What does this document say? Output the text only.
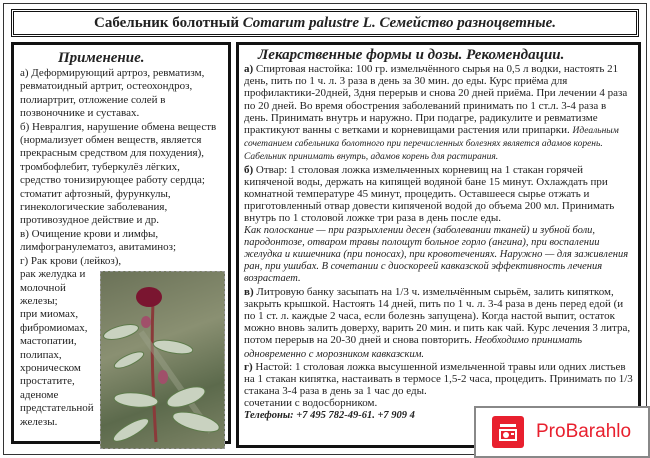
Сабельник болотный Comarum palustre L. Семейство разноцветные.
Применение.

а) Деформирующий артроз, ревматизм, ревматоидный артрит, остеохондроз, полиартрит, отложение солей в позвоночнике и суставах.

б) Невралгия, нарушение обмена веществ (нормализует обмен веществ, является прекрасным средством для похудения), тромбофлебит, туберкулёз лёгких, средство тонизирующее работу сердца; стоматит афтозный, фурункулы, гинекологические заболевания, противозудное действие и др.

в) Очищение крови и лимфы, лимфогранулематоз, авитаминоз;

г) Рак крови (лейкоз),

рак желудка и
молочной
железы;
при миомах,
фибромиомах,
мастопатии,
полипах,
хроническом
простатите,
аденоме
предстательной
железы.
Лекарственные формы и дозы. Рекомендации.

а) Спиртовая настойка: 100 гр. измельчённого сырья на 0,5 л водки, настоять 21 день, пить по 1 ч. л. 3 раза в день за 30 мин. до еды. Курс приёма для профилактики-20дней, 3дня перерыв и снова 20 дней приёма. При лечении 4 раза по 20 дней. Во время обострения заболеваний принимать по 1 ст.л. 3-4 раза в день. Принимать внутрь и наружно. При подагре, радикулите и ревматизме практикуют ванны с ветками и корневищами растения или припарки. Идеальным сочетанием сабельника болотного при перечисленных болезнях является адамов корень. Сабельник принимать внутрь, адамов корень для растирания.

б) Отвар: 1 столовая ложка измельченных корневищ на 1 стакан горячей кипяченой воды, держать на кипящей водяной бане 15 минут. Охлаждать при комнатной температуре 45 минут, процедить. Оставшееся сырье отжать и приготовленный отвар довести кипяченой водой до объема 200 мл. Принимать внутрь по 1 столовой ложке три раза в день после еды.

Как полоскание — при разрыхлении десен (заболевании тканей) и зубной боли, пародонтозе, отваром травы полощут больное горло (ангина), при воспалении желудка и кишечника (при поносах), при кровотечениях. Наружно — для заживления ран, при ушибах. В сочетании с диоскореей кавказской эффективность лечения возрастает.

в) Литровую банку засыпать на 1/3 ч. измельчённым сырьём, залить кипятком, закрыть крышкой. Настоять 14 дней, пить по 1 ч. л. 3-4 раза в день перед едой (и по 1 ст. л. каждые 2 часа, если болезнь запущена). Когда настой выпит, остаток можно вновь залить доверху, варить 20 мин. и пить как чай. Курс лечения 3 литра, потом перерыв на 20-30 дней и снова повторить. Необходимо принимать одновременно с морозником кавказским.

г) Настой: 1 столовая ложка высушенной измельченной травы или одних листьев на 1 стакан кипятка, настаивать в термосе 1,5-2 часа, процедить. Принимать по 1/3 стакана 3-4 раза в день за 1 час до еды.

сочетании с водосборником.

Телефоны: +7 495 782-49-61. +7 909 4

ProBarahlo
